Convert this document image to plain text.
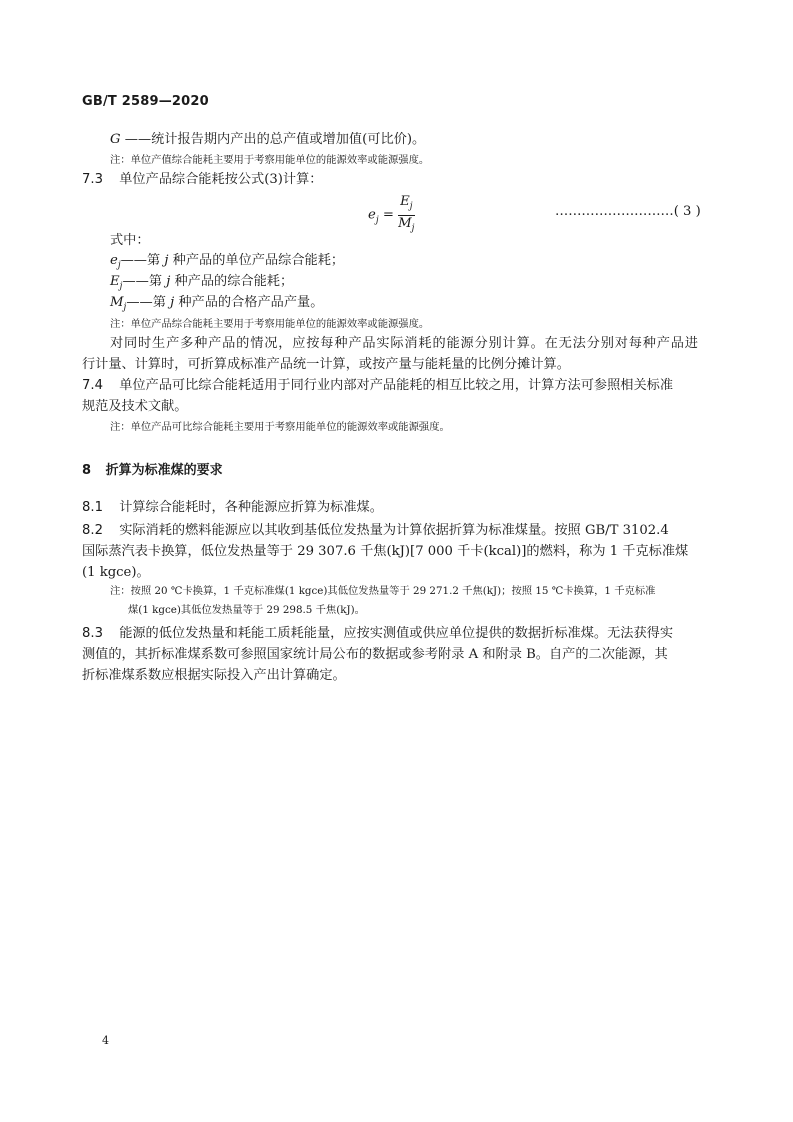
GB/T 2589—2020
G ——统计报告期内产出的总产值或增加值(可比价)。
注：单位产值综合能耗主要用于考察用能单位的能源效率或能源强度。
7.3 单位产品综合能耗按公式(3)计算：
$e_j = \frac{E_j}{M_j}$	………………………( 3 )
式中：
$e_j——$第 j 种产品的单位产品综合能耗；
$E_j——$第 j 种产品的综合能耗；
$M_j——$第 j 种产品的合格产品产量。
注：单位产品综合能耗主要用于考察用能单位的能源效率或能源强度。
对同时生产多种产品的情况，应按每种产品实际消耗的能源分别计算。在无法分别对每种产品进
行计量、计算时，可折算成标准产品统一计算，或按产量与能耗量的比例分摊计算。
7.4 单位产品可比综合能耗适用于同行业内部对产品能耗的相互比较之用，计算方法可参照相关标准
规范及技术文献。
注：单位产品可比综合能耗主要用于考察用能单位的能源效率或能源强度。
8 折算为标准煤的要求
8.1 计算综合能耗时，各种能源应折算为标准煤。
8.2 实际消耗的燃料能源应以其收到基低位发热量为计算依据折算为标准煤量。按照 GB/T 3102.4
国际蒸汽表卡换算，低位发热量等于 29 307.6 千焦(kJ)[7 000 千卡(kcal)]的燃料，称为 1 千克标准煤
(1 kgce)。
注：按照 20 ℃卡换算，1 千克标准煤(1 kgce)其低位发热量等于 29 271.2 千焦(kJ)；按照 15 ℃卡换算，1 千克标准
煤(1 kgce)其低位发热量等于 29 298.5 千焦(kJ)。
8.3 能源的低位发热量和耗能工质耗能量，应按实测值或供应单位提供的数据折标准煤。无法获得实
测值的，其折标准煤系数可参照国家统计局公布的数据或参考附录 A 和附录 B。自产的二次能源，其
折标准煤系数应根据实际投入产出计算确定。
4
